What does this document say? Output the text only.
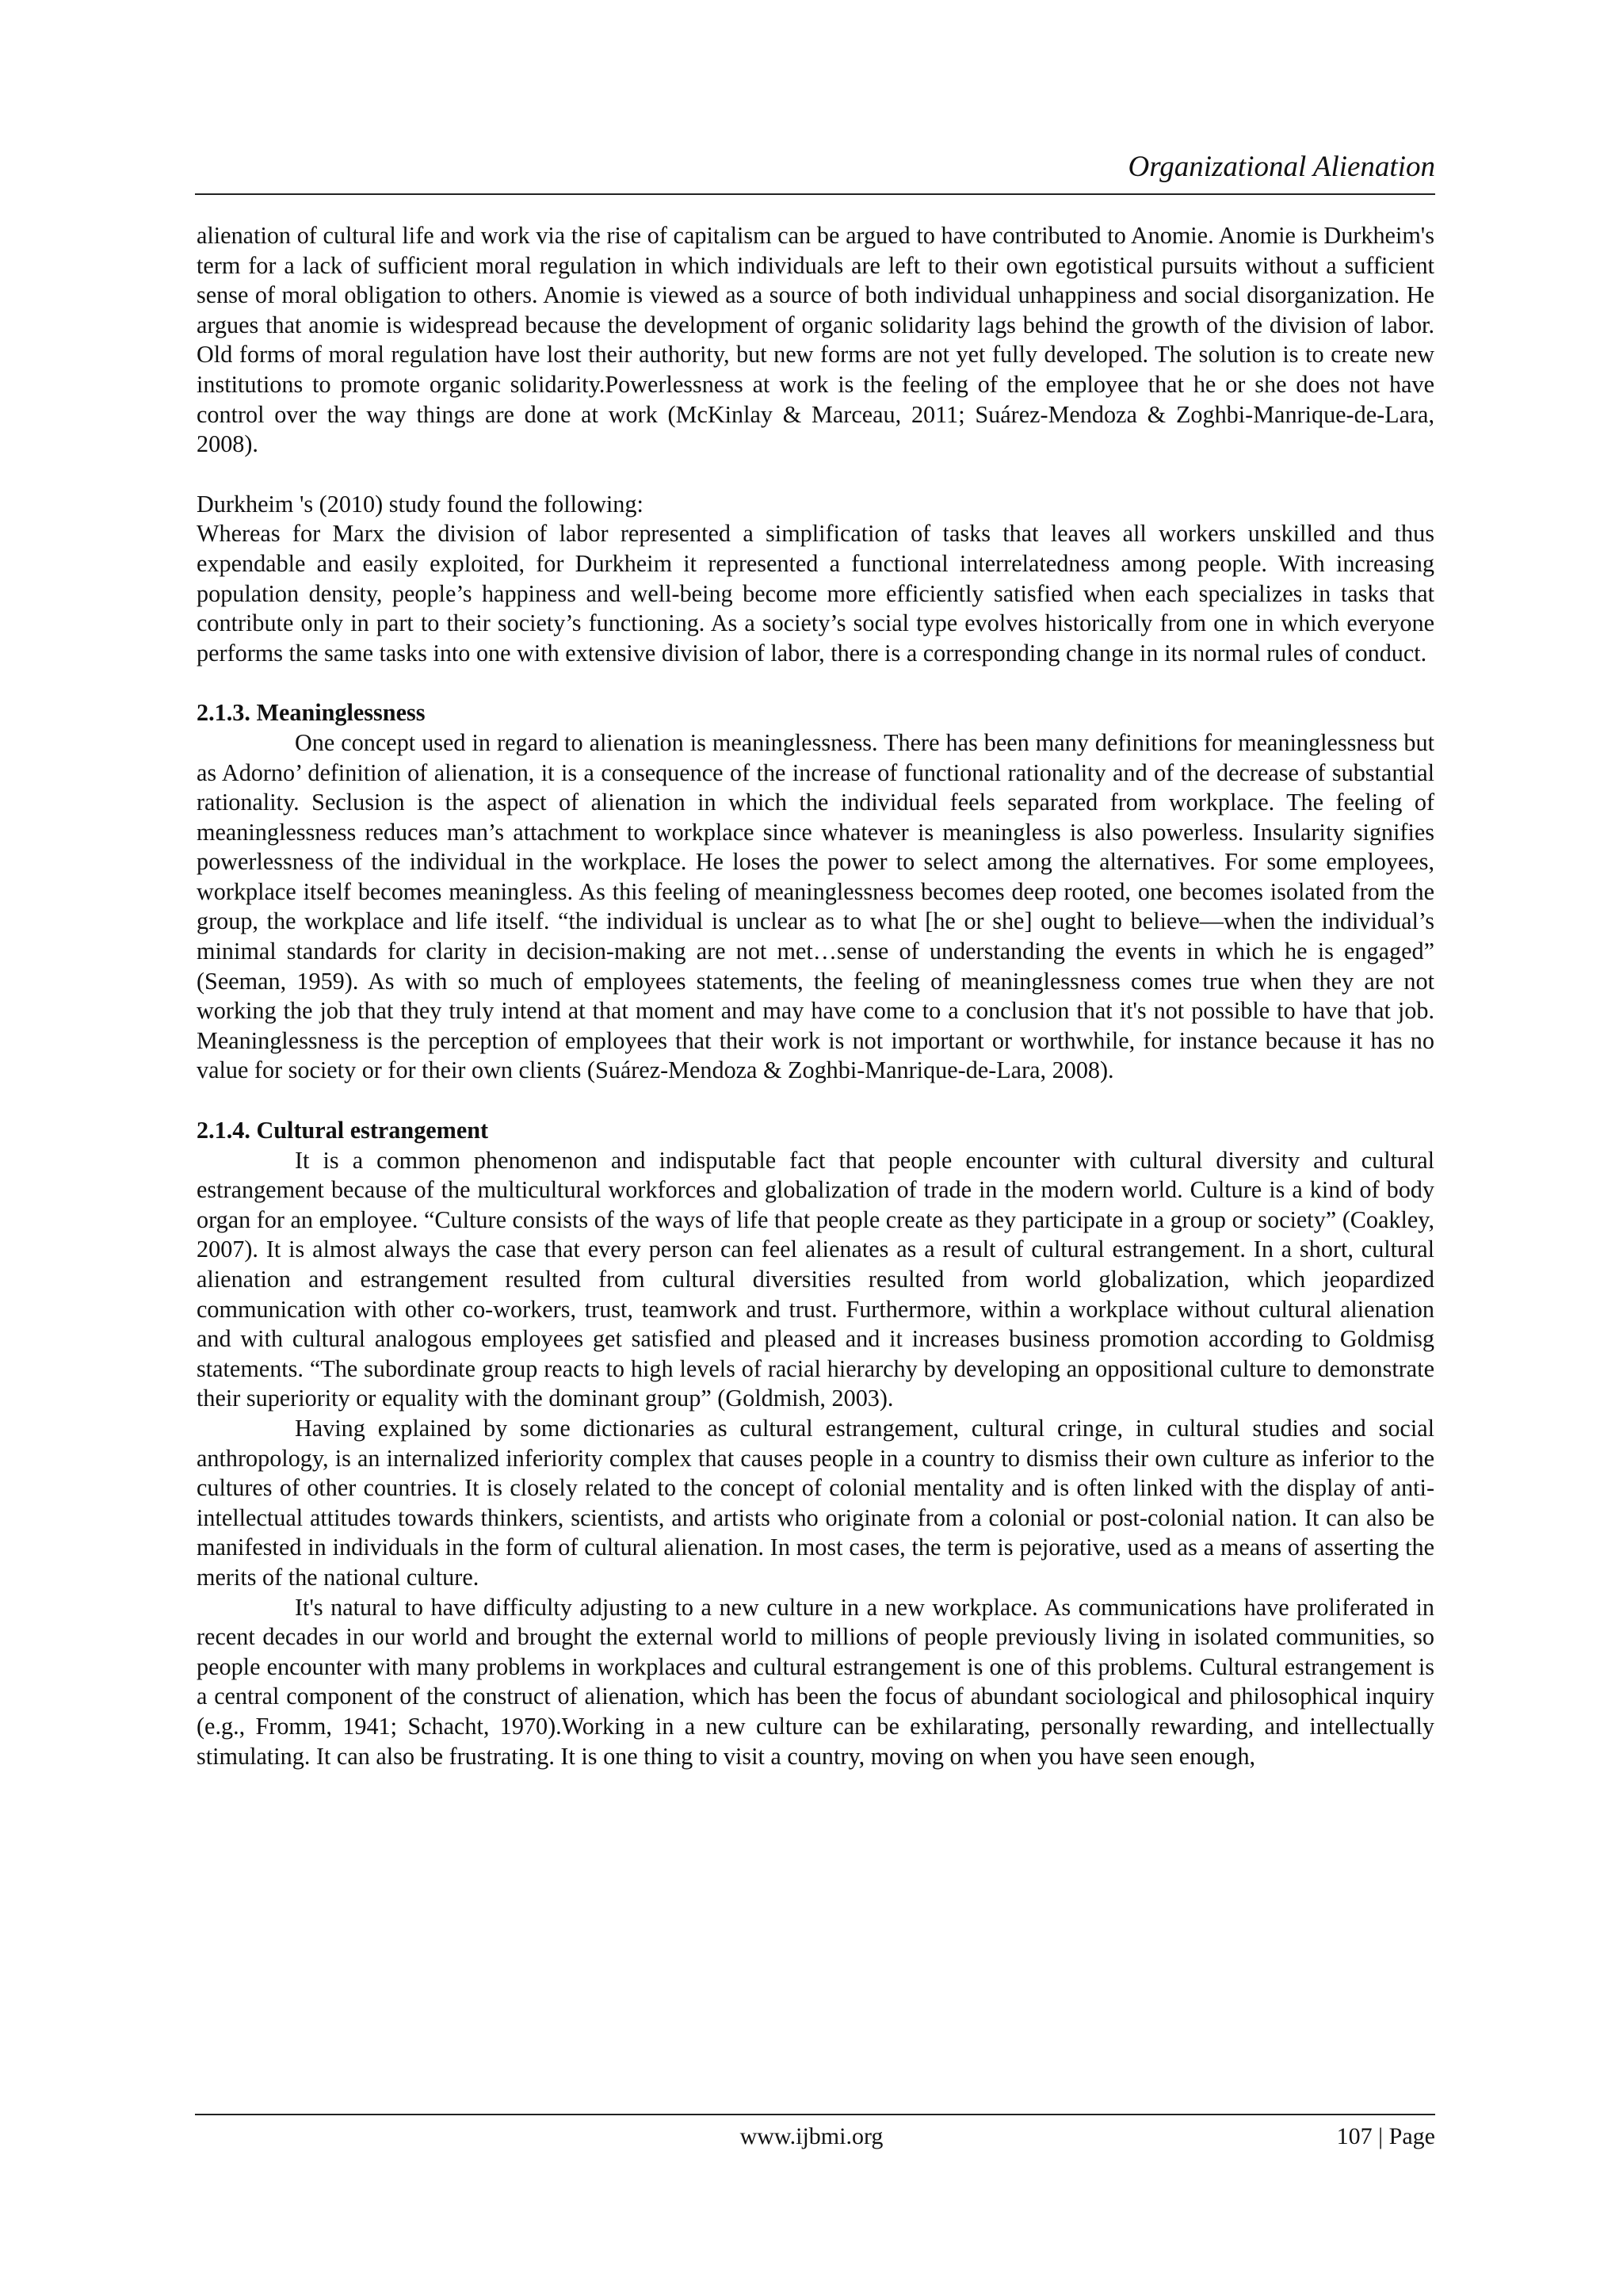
Organizational Alienation

alienation of cultural life and work via the rise of capitalism can be argued to have contributed to Anomie. Anomie is Durkheim's term for a lack of sufficient moral regulation in which individuals are left to their own egotistical pursuits without a sufficient sense of moral obligation to others. Anomie is viewed as a source of both individual unhappiness and social disorganization. He argues that anomie is widespread because the development of organic solidarity lags behind the growth of the division of labor. Old forms of moral regulation have lost their authority, but new forms are not yet fully developed. The solution is to create new institutions to promote organic solidarity.Powerlessness at work is the feeling of the employee that he or she does not have control over the way things are done at work (McKinlay & Marceau, 2011; Suárez-Mendoza & Zoghbi-Manrique-de-Lara, 2008).

Durkheim 's (2010) study found the following:

Whereas for Marx the division of labor represented a simplification of tasks that leaves all workers unskilled and thus expendable and easily exploited, for Durkheim it represented a functional interrelatedness among people. With increasing population density, people’s happiness and well-being become more efficiently satisfied when each specializes in tasks that contribute only in part to their society’s functioning. As a society’s social type evolves historically from one in which everyone performs the same tasks into one with extensive division of labor, there is a corresponding change in its normal rules of conduct.

2.1.3. Meaninglessness

One concept used in regard to alienation is meaninglessness. There has been many definitions for meaninglessness but as Adorno’ definition of alienation, it is a consequence of the increase of functional rationality and of the decrease of substantial rationality. Seclusion is the aspect of alienation in which the individual feels separated from workplace. The feeling of meaninglessness reduces man’s attachment to workplace since whatever is meaningless is also powerless. Insularity signifies powerlessness of the individual in the workplace. He loses the power to select among the alternatives. For some employees, workplace itself becomes meaningless. As this feeling of meaninglessness becomes deep rooted, one becomes isolated from the group, the workplace and life itself. “the individual is unclear as to what [he or she] ought to believe—when the individual’s minimal standards for clarity in decision-making are not met…sense of understanding the events in which he is engaged” (Seeman, 1959). As with so much of employees statements, the feeling of meaninglessness comes true when they are not working the job that they truly intend at that moment and may have come to a conclusion that it's not possible to have that job. Meaninglessness is the perception of employees that their work is not important or worthwhile, for instance because it has no value for society or for their own clients (Suárez-Mendoza & Zoghbi-Manrique-de-Lara, 2008).

2.1.4. Cultural estrangement

It is a common phenomenon and indisputable fact that people encounter with cultural diversity and cultural estrangement because of the multicultural workforces and globalization of trade in the modern world. Culture is a kind of body organ for an employee. “Culture consists of the ways of life that people create as they participate in a group or society” (Coakley, 2007). It is almost always the case that every person can feel alienates as a result of cultural estrangement. In a short, cultural alienation and estrangement resulted from cultural diversities resulted from world globalization, which jeopardized communication with other co-workers, trust, teamwork and trust. Furthermore, within a workplace without cultural alienation and with cultural analogous employees get satisfied and pleased and it increases business promotion according to Goldmisg statements. “The subordinate group reacts to high levels of racial hierarchy by developing an oppositional culture to demonstrate their superiority or equality with the dominant group” (Goldmish, 2003).

Having explained by some dictionaries as cultural estrangement, cultural cringe, in cultural studies and social anthropology, is an internalized inferiority complex that causes people in a country to dismiss their own culture as inferior to the cultures of other countries. It is closely related to the concept of colonial mentality and is often linked with the display of anti-intellectual attitudes towards thinkers, scientists, and artists who originate from a colonial or post-colonial nation. It can also be manifested in individuals in the form of cultural alienation. In most cases, the term is pejorative, used as a means of asserting the merits of the national culture.

It's natural to have difficulty adjusting to a new culture in a new workplace. As communications have proliferated in recent decades in our world and brought the external world to millions of people previously living in isolated communities, so people encounter with many problems in workplaces and cultural estrangement is one of this problems. Cultural estrangement is a central component of the construct of alienation, which has been the focus of abundant sociological and philosophical inquiry (e.g., Fromm, 1941; Schacht, 1970).Working in a new culture can be exhilarating, personally rewarding, and intellectually stimulating. It can also be frustrating. It is one thing to visit a country, moving on when you have seen enough,

www.ijbmi.org	107 | Page
